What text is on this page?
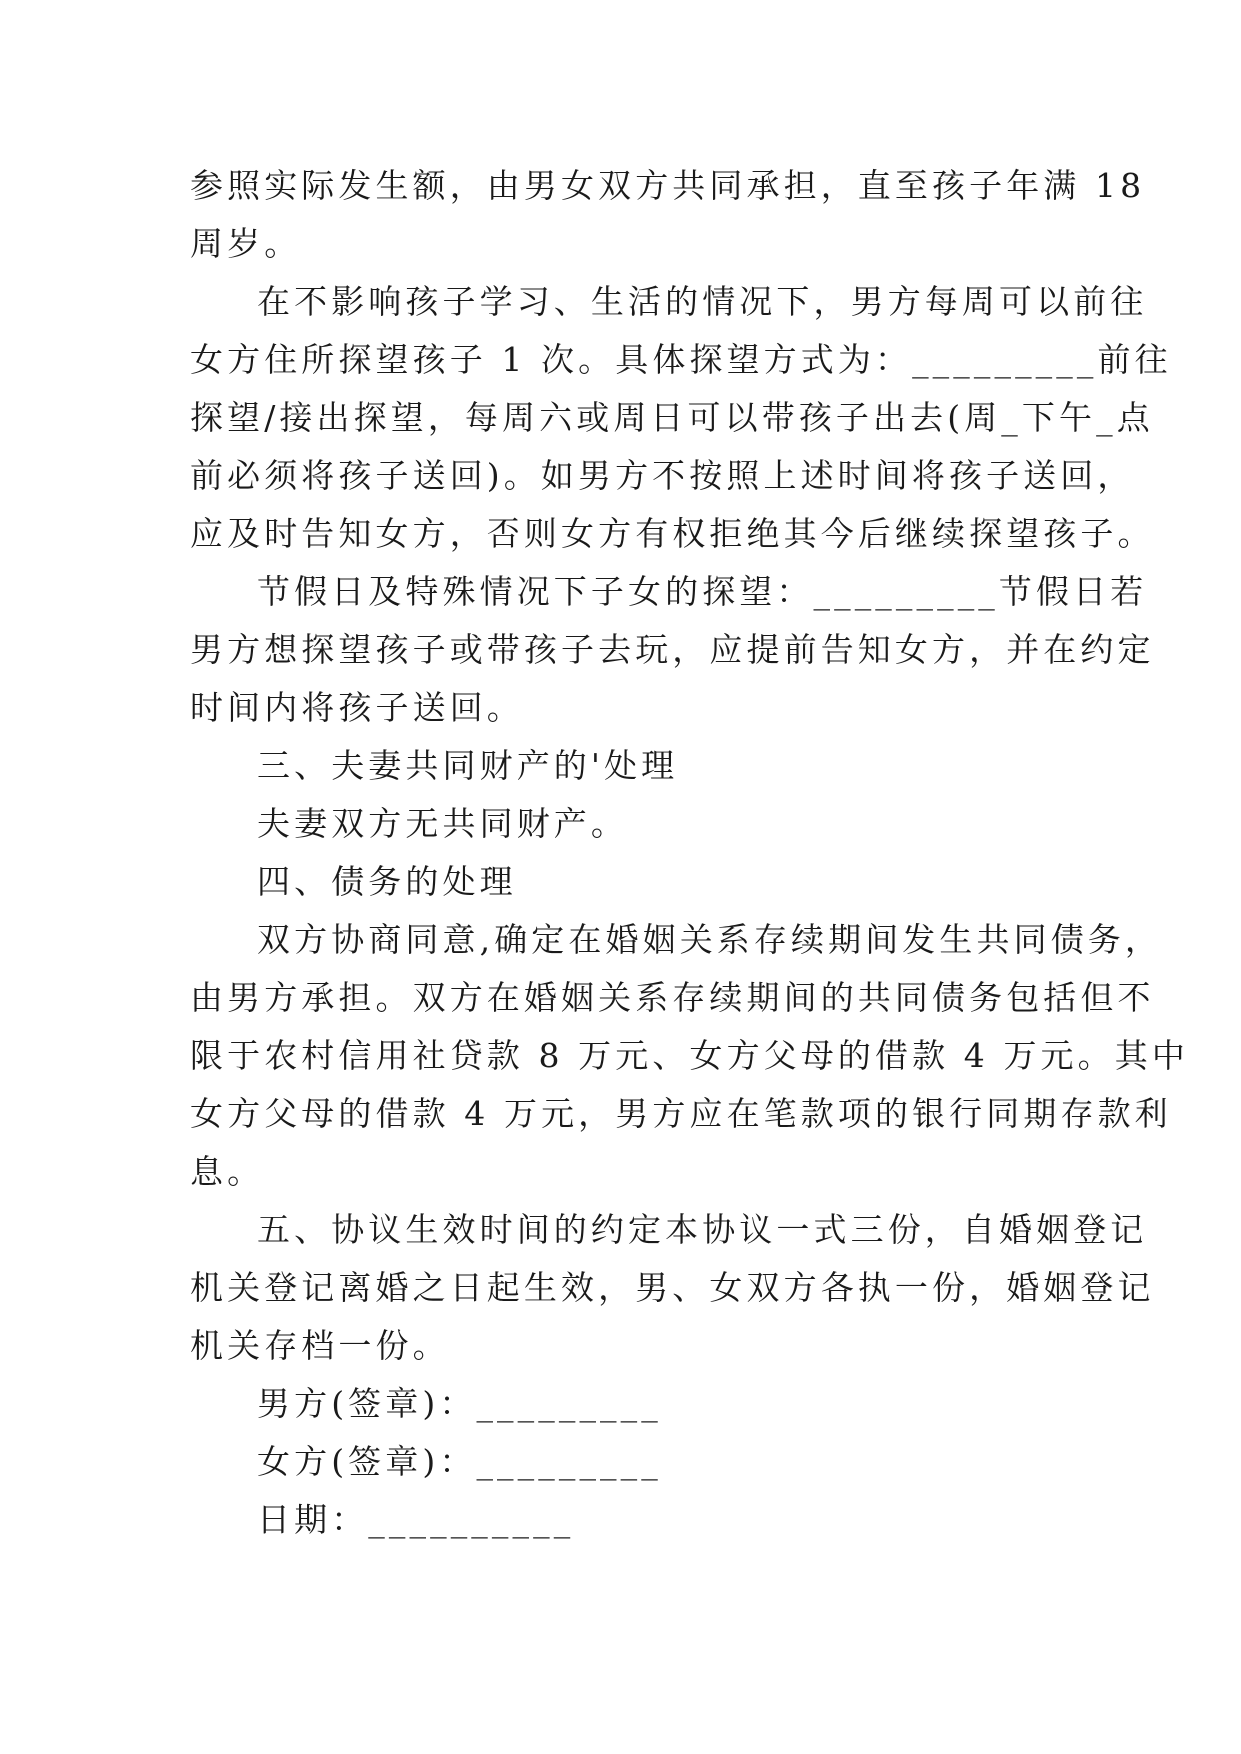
参照实际发生额，由男女双方共同承担，直至孩子年满 18
周岁。
在不影响孩子学习、生活的情况下，男方每周可以前往
女方住所探望孩子 1 次。具体探望方式为：_________前往
探望/接出探望，每周六或周日可以带孩子出去(周_下午_点
前必须将孩子送回)。如男方不按照上述时间将孩子送回，
应及时告知女方，否则女方有权拒绝其今后继续探望孩子。
节假日及特殊情况下子女的探望：_________节假日若
男方想探望孩子或带孩子去玩，应提前告知女方，并在约定
时间内将孩子送回。
三、夫妻共同财产的'处理
夫妻双方无共同财产。
四、债务的处理
双方协商同意,确定在婚姻关系存续期间发生共同债务，
由男方承担。双方在婚姻关系存续期间的共同债务包括但不
限于农村信用社贷款 8 万元、女方父母的借款 4 万元。其中
女方父母的借款 4 万元，男方应在笔款项的银行同期存款利
息。
五、协议生效时间的约定本协议一式三份，自婚姻登记
机关登记离婚之日起生效，男、女双方各执一份，婚姻登记
机关存档一份。
男方(签章)：_________
女方(签章)：_________
日期：__________
